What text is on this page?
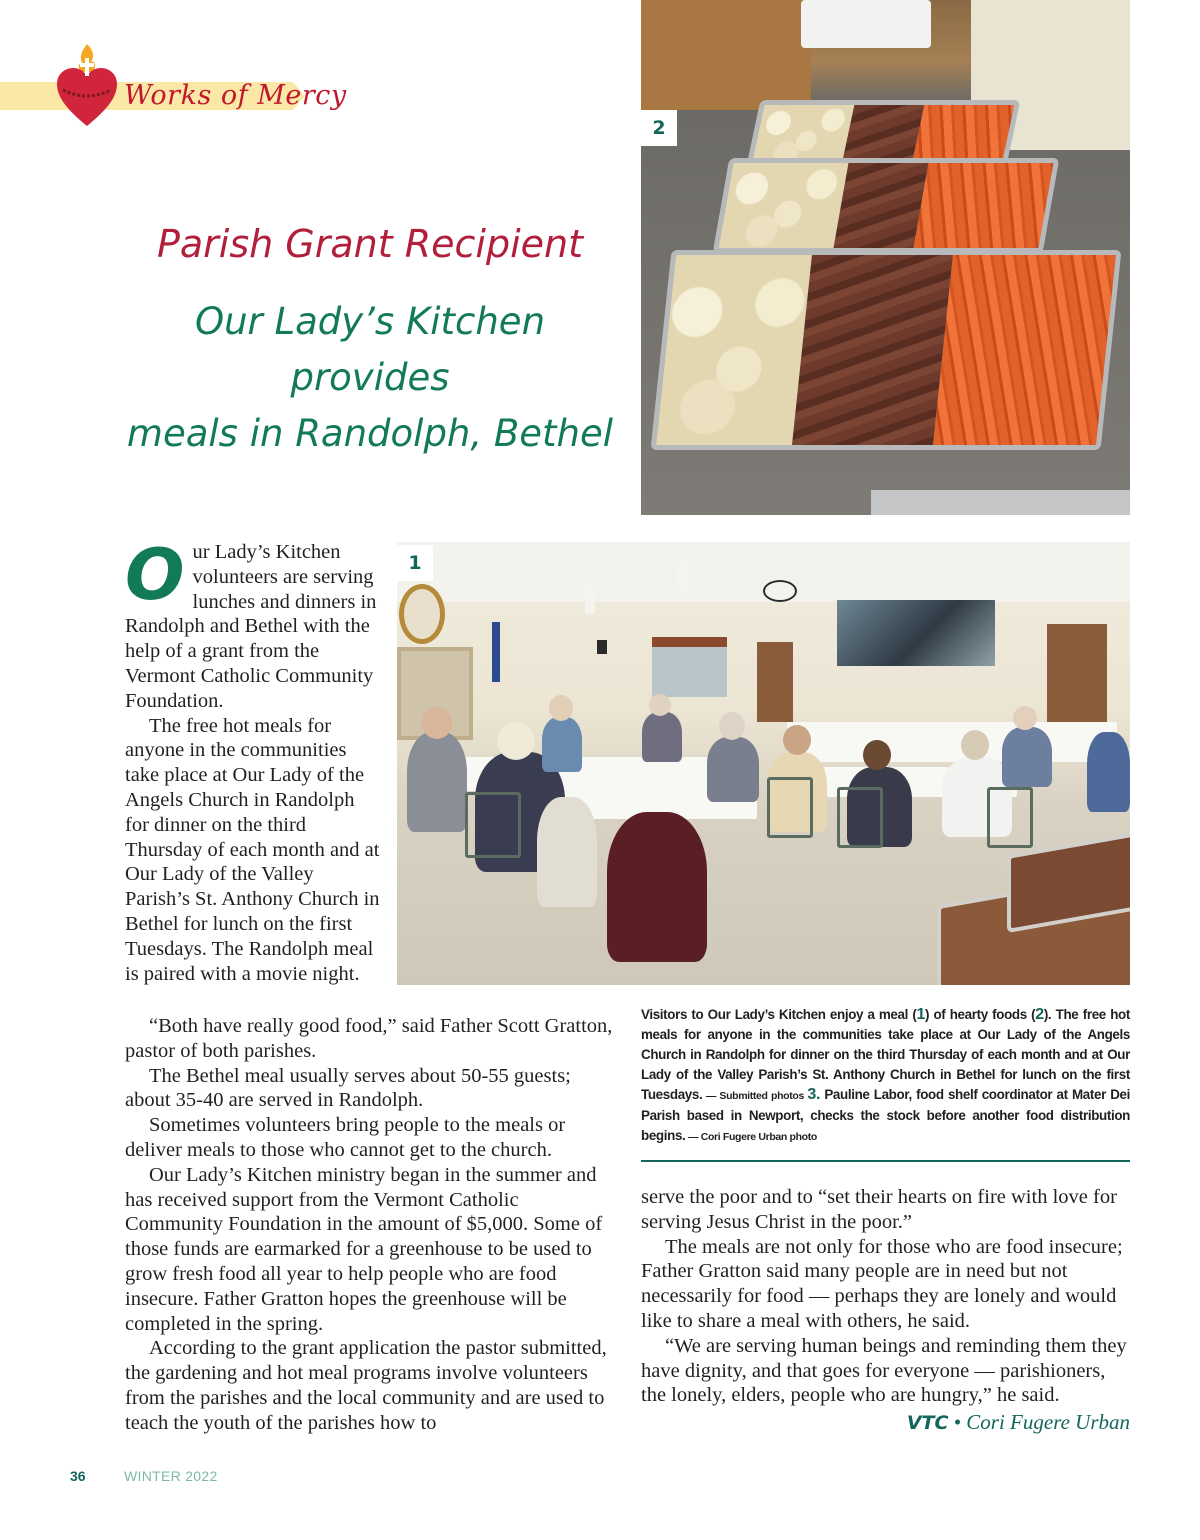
Works of Mercy
Parish Grant Recipient
Our Lady’s Kitchen provides
meals in Randolph, Bethel
2
1

Our Lady’s Kitchen volunteers are serving lunches and dinners in Randolph and Bethel with the help of a grant from the Vermont Catholic Community Foundation.

The free hot meals for anyone in the communities take place at Our Lady of the Angels Church in Randolph for dinner on the third Thursday of each month and at Our Lady of the Valley Parish’s St. Anthony Church in Bethel for lunch on the first Tuesdays. The Randolph meal is paired with a movie night.

“Both have really good food,” said Father Scott Gratton, pastor of both parishes.

The Bethel meal usually serves about 50-55 guests; about 35-40 are served in Randolph.

Sometimes volunteers bring people to the meals or deliver meals to those who cannot get to the church.

Our Lady’s Kitchen ministry began in the summer and has received support from the Vermont Catholic Community Foundation in the amount of $5,000. Some of those funds are earmarked for a greenhouse to be used to grow fresh food all year to help people who are food insecure. Father Gratton hopes the greenhouse will be completed in the spring.

According to the grant application the pastor submitted, the gardening and hot meal programs involve volunteers from the parishes and the local community and are used to teach the youth of the parishes how to

Visitors to Our Lady’s Kitchen enjoy a meal (1) of hearty foods (2). The free hot meals for anyone in the communities take place at Our Lady of the Angels Church in Randolph for dinner on the third Thursday of each month and at Our Lady of the Valley Parish’s St. Anthony Church in Bethel for lunch on the first Tuesdays. — Submitted photos 3. Pauline Labor, food shelf coordinator at Mater Dei Parish based in Newport, checks the stock before another food distribution begins. — Cori Fugere Urban photo

serve the poor and to “set their hearts on fire with love for serving Jesus Christ in the poor.”

The meals are not only for those who are food insecure; Father Gratton said many people are in need but not necessarily for food — perhaps they are lonely and would like to share a meal with others, he said.

“We are serving human beings and reminding them they have dignity, and that goes for everyone — parishioners, the lonely, elders, people who are hungry,” he said.

VTC • Cori Fugere Urban
36	WINTER 2022
